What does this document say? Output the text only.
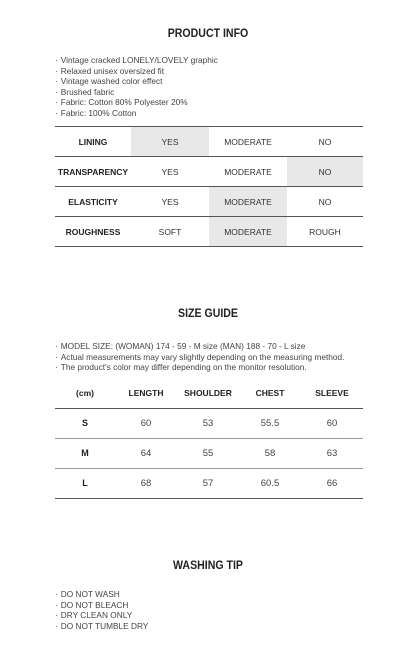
PRODUCT INFO
· Vintage cracked LONELY/LOVELY graphic
· Relaxed unisex oversized fit
· Vintage washed color effect
· Brushed fabric
· Fabric: Cotton 80% Polyester 20%
· Fabric: 100% Cotton
LINING	YES	MODERATE	NO
TRANSPARENCY	YES	MODERATE	NO
ELASTICITY	YES	MODERATE	NO
ROUGHNESS	SOFT	MODERATE	ROUGH
SIZE GUIDE
· MODEL SIZE: (WOMAN) 174 - 59 - M size (MAN) 188 - 70 - L size
· Actual measurements may vary slightly depending on the measuring method.
· The product's color may differ depending on the monitor resolution.
(cm)	LENGTH	SHOULDER	CHEST	SLEEVE
S	60	53	55.5	60
M	64	55	58	63
L	68	57	60.5	66
WASHING TIP
· DO NOT WASH
· DO NOT BLEACH
· DRY CLEAN ONLY
· DO NOT TUMBLE DRY
